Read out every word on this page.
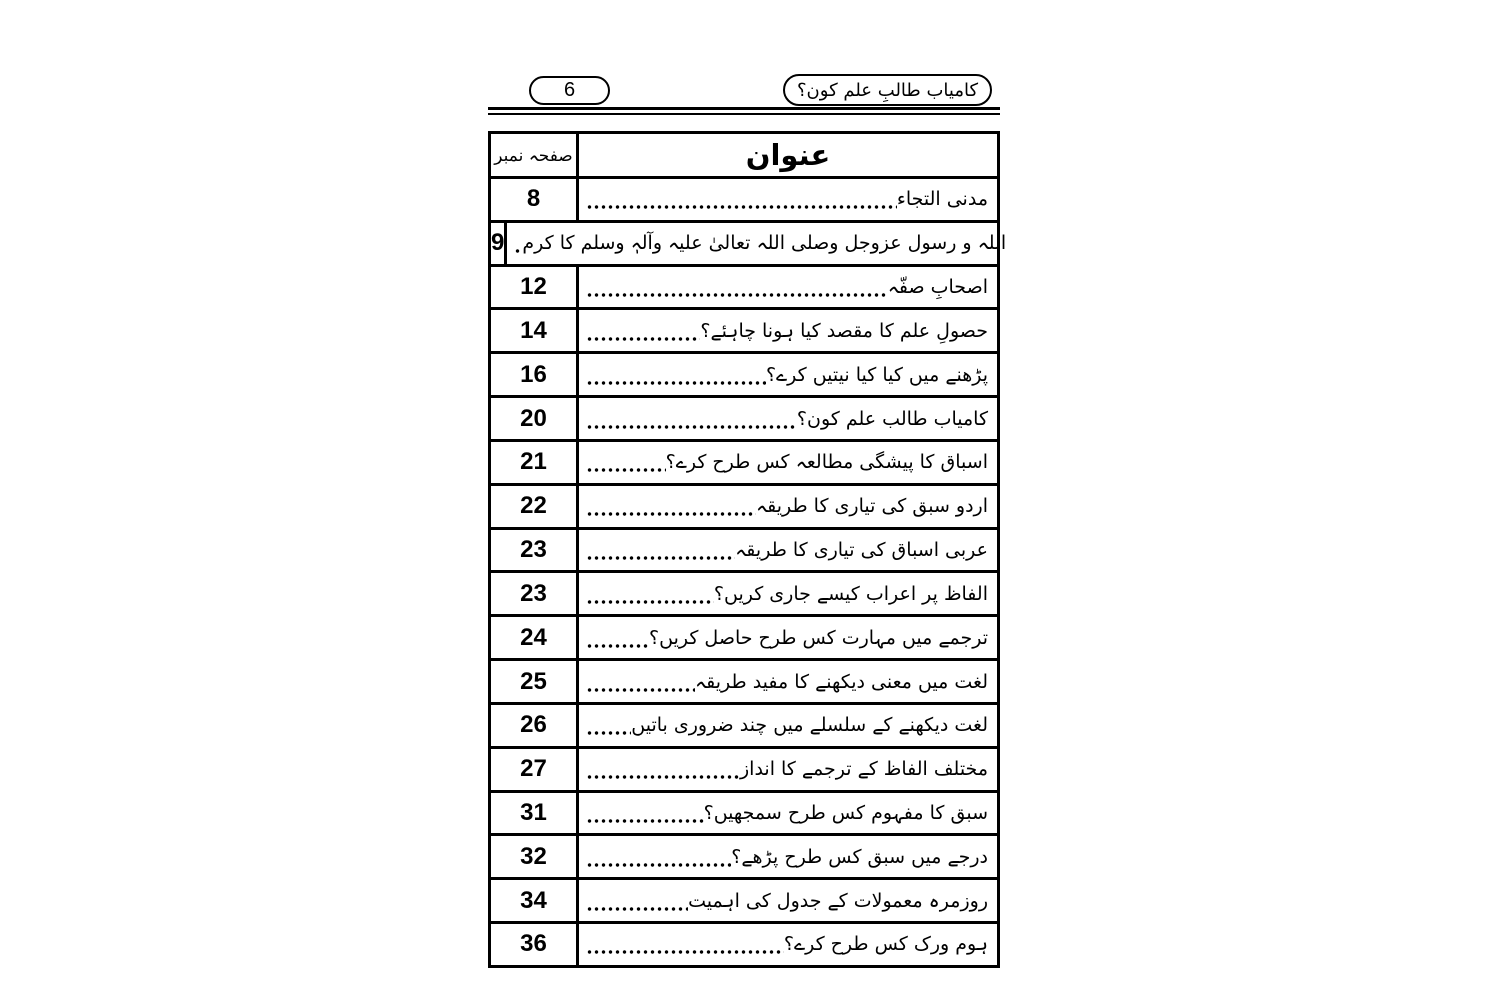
6	کامیاب طالبِ علم کون؟
صفحہ نمبر	عنوان
8	مدنی التجاء
9 اللہ و رسول عزوجل وصلی اللہ تعالیٰ علیہ وآلہٖ وسلم کا کرم
12	اصحابِ صفّہ
14	حصولِ علم کا مقصد کیا ہونا چاہئے؟
16	پڑھنے میں کیا کیا نیتیں کرے؟
20	کامیاب طالب علم کون؟
21	اسباق کا پیشگی مطالعہ کس طرح کرے؟
22	اردو سبق کی تیاری کا طریقہ
23	عربی اسباق کی تیاری کا طریقہ
23	الفاظ پر اعراب کیسے جاری کریں؟
24	ترجمے میں مہارت کس طرح حاصل کریں؟
25	لغت میں معنی دیکھنے کا مفید طریقہ
26	لغت دیکھنے کے سلسلے میں چند ضروری باتیں
27	مختلف الفاظ کے ترجمے کا انداز
31	سبق کا مفہوم کس طرح سمجھیں؟
32	درجے میں سبق کس طرح پڑھے؟
34	روزمرہ معمولات کے جدول کی اہمیت
36	ہوم ورک کس طرح کرے؟
